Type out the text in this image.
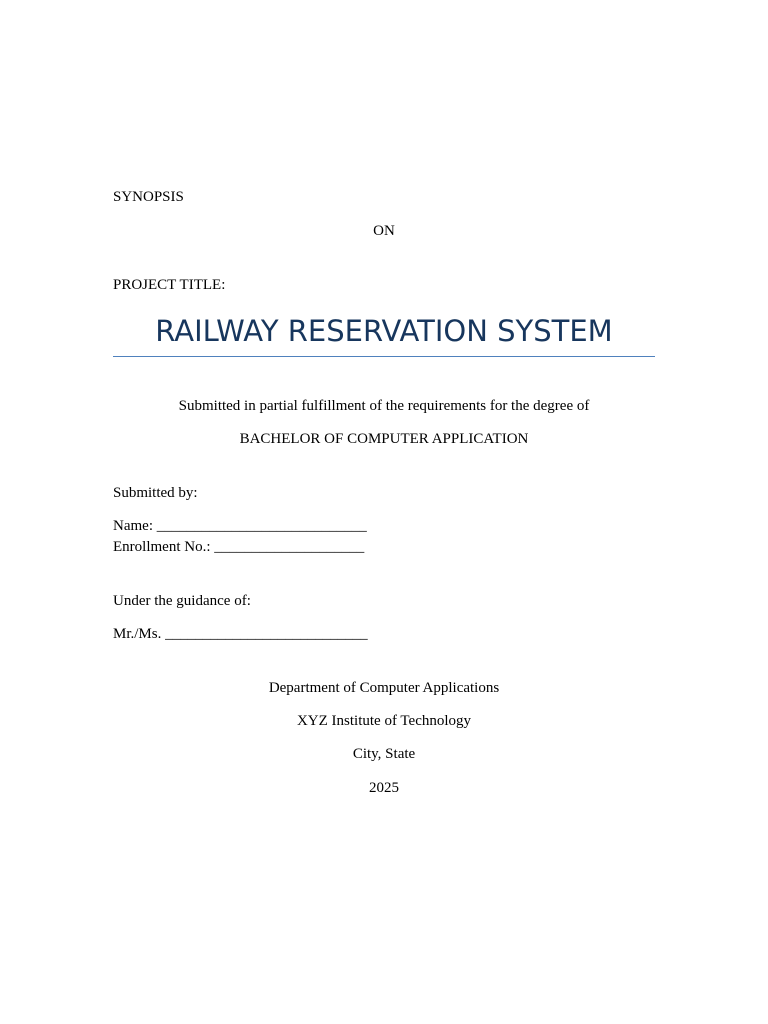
SYNOPSIS
ON
PROJECT TITLE:
RAILWAY RESERVATION SYSTEM
Submitted in partial fulfillment of the requirements for the degree of
BACHELOR OF COMPUTER APPLICATION
Submitted by:
Name: ____________________________
Enrollment No.: ____________________
Under the guidance of:
Mr./Ms. ___________________________
Department of Computer Applications
XYZ Institute of Technology
City, State
2025
